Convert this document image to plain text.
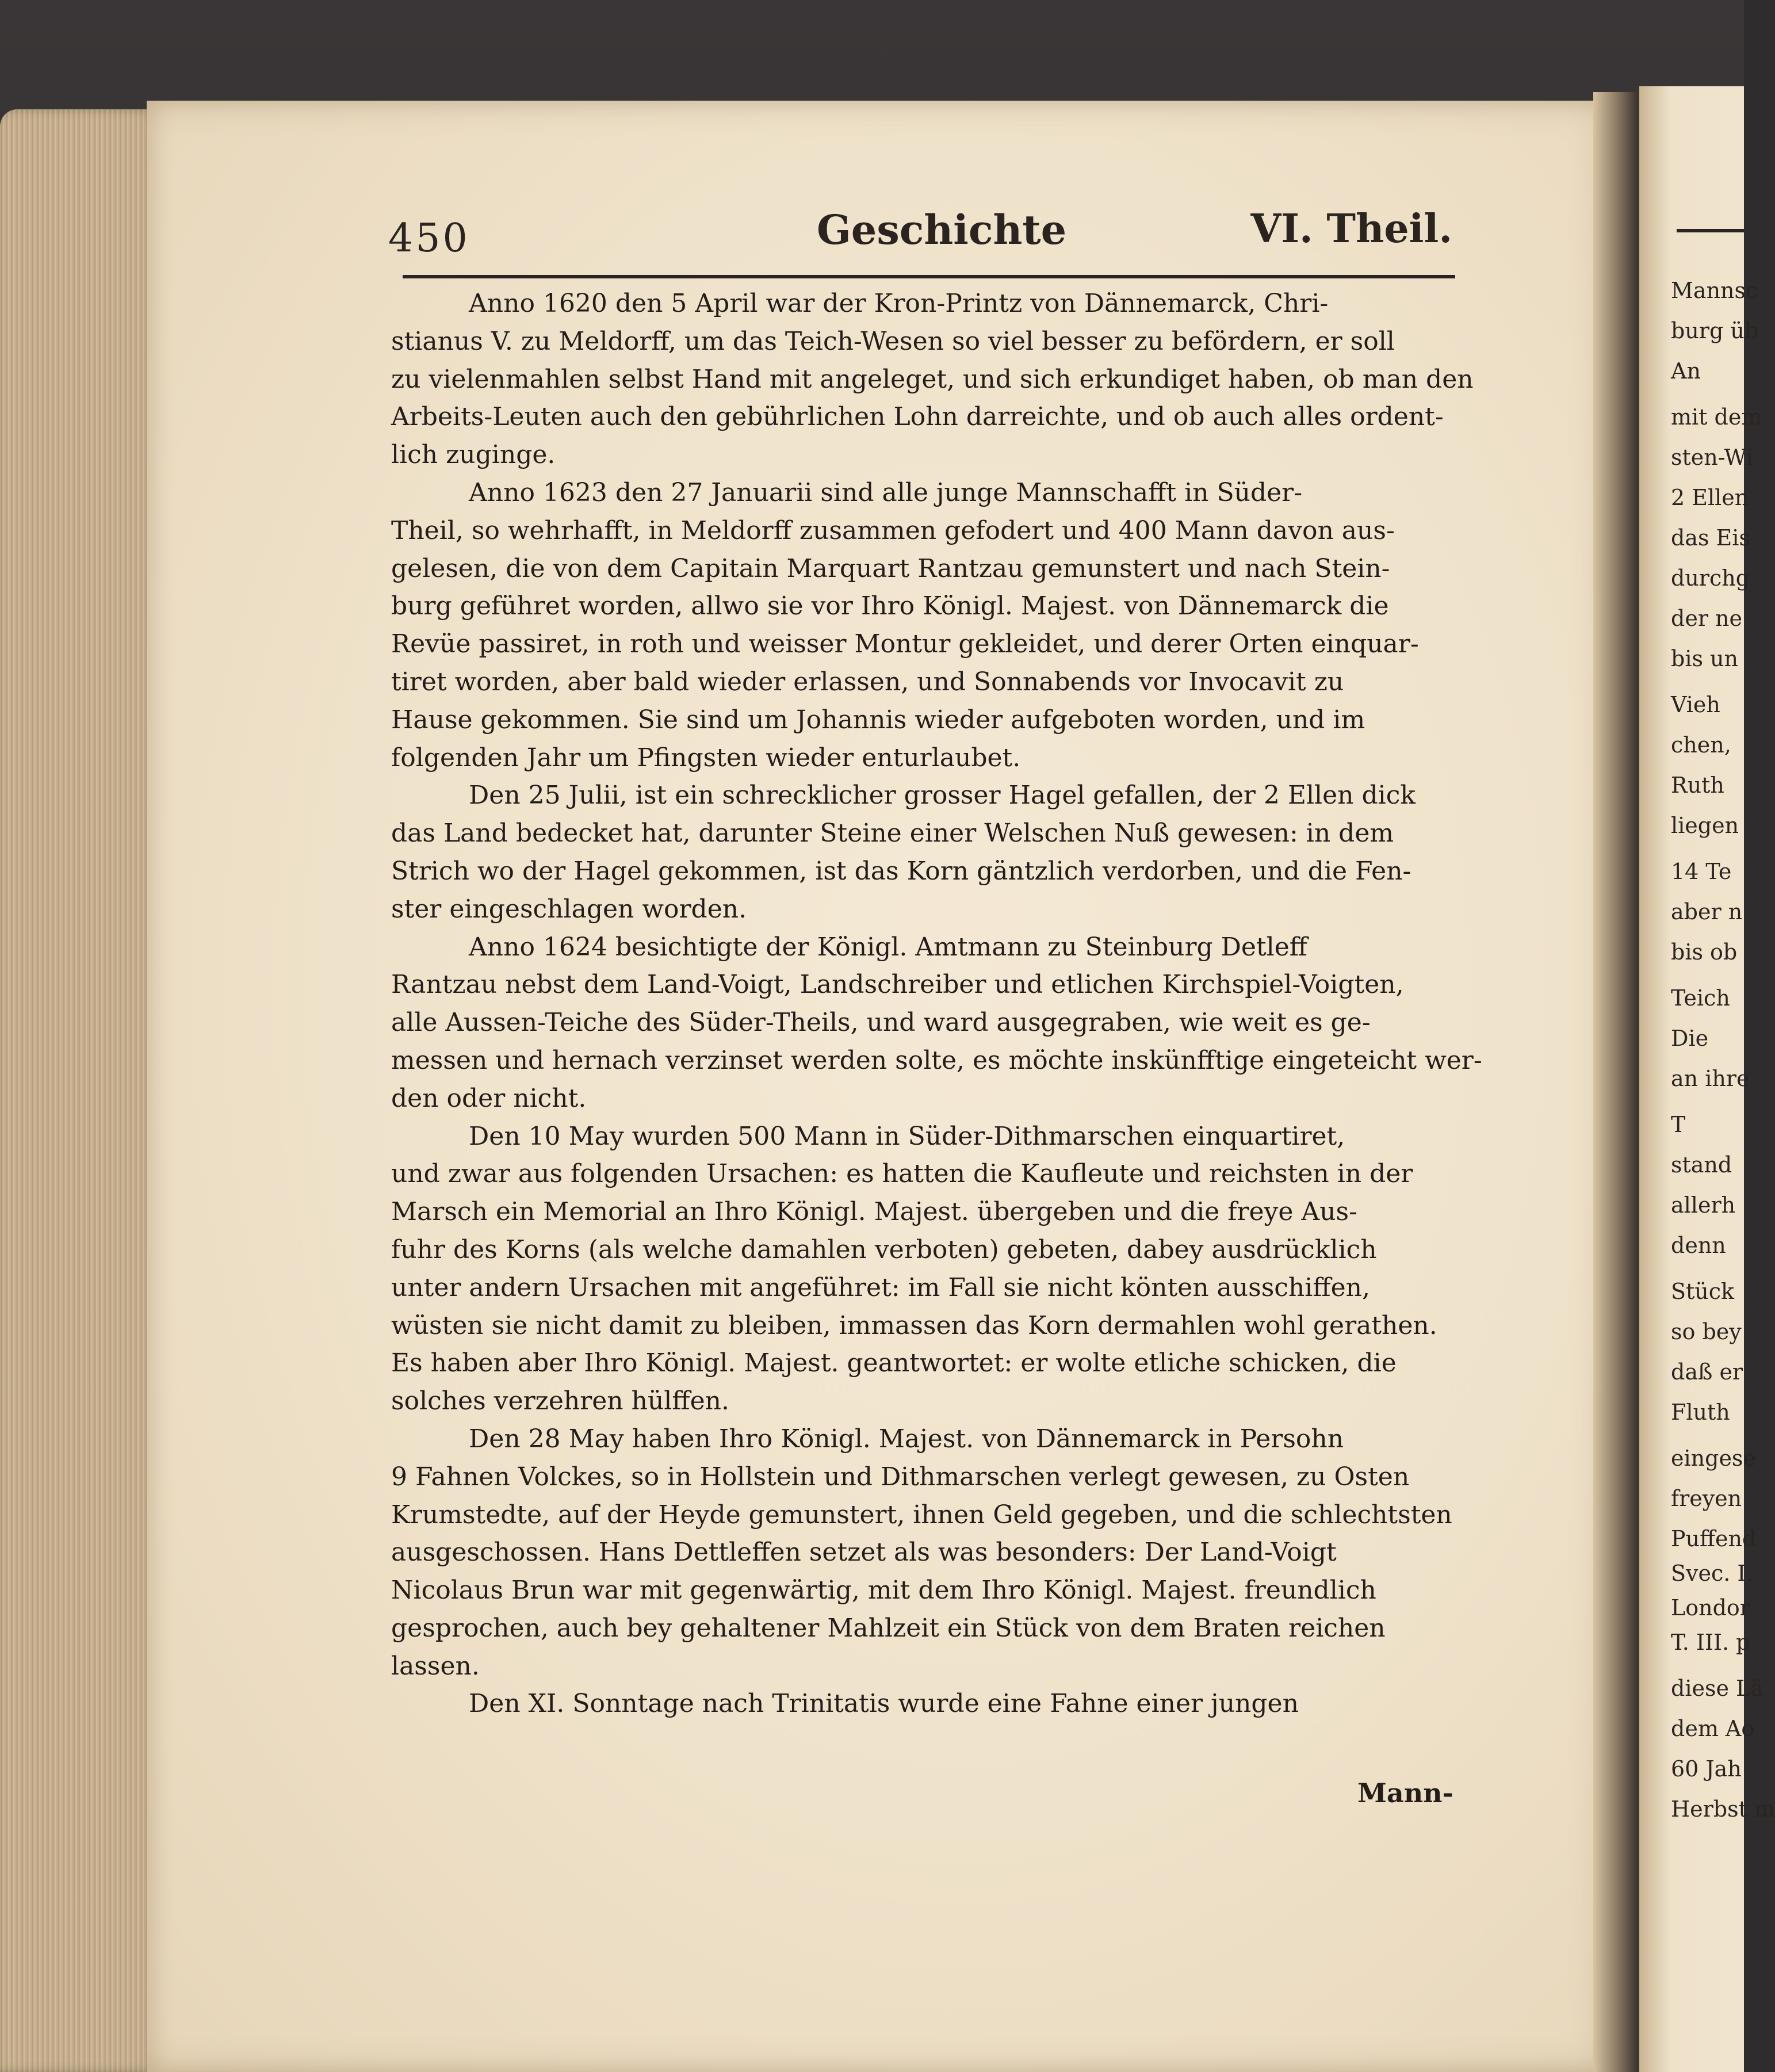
Mannsc
burg üb
An
mit dem
sten-Wi
2 Ellen
das Eis
durchg
der ne
bis un
Vieh
chen,
Ruth
liegen
14 Te
aber n
bis ob
Teich
Die
an ihre
T
stand
allerh
denn
Stück
so bey
daß er
Fluth
eingese
freyen
Puffend
Svec. I.
Londor
T. III. p
diese Lä
dem Ao
60 Jah
Herbst m
450	Geschichte	VI. Theil.
Anno 1620 den 5 April war der Kron-Printz von Dännemarck, Chri-
stianus V. zu Meldorff, um das Teich-Wesen so viel besser zu befördern, er soll
zu vielenmahlen selbst Hand mit angeleget, und sich erkundiget haben, ob man den
Arbeits-Leuten auch den gebührlichen Lohn darreichte, und ob auch alles ordent-
lich zuginge.
Anno 1623 den 27 Januarii sind alle junge Mannschafft in Süder-
Theil, so wehrhafft, in Meldorff zusammen gefodert und 400 Mann davon aus-
gelesen, die von dem Capitain Marquart Rantzau gemunstert und nach Stein-
burg geführet worden, allwo sie vor Ihro Königl. Majest. von Dännemarck die
Revüe passiret, in roth und weisser Montur gekleidet, und derer Orten einquar-
tiret worden, aber bald wieder erlassen, und Sonnabends vor Invocavit zu
Hause gekommen. Sie sind um Johannis wieder aufgeboten worden, und im
folgenden Jahr um Pfingsten wieder enturlaubet.
Den 25 Julii, ist ein schrecklicher grosser Hagel gefallen, der 2 Ellen dick
das Land bedecket hat, darunter Steine einer Welschen Nuß gewesen: in dem
Strich wo der Hagel gekommen, ist das Korn gäntzlich verdorben, und die Fen-
ster eingeschlagen worden.
Anno 1624 besichtigte der Königl. Amtmann zu Steinburg Detleff
Rantzau nebst dem Land-Voigt, Landschreiber und etlichen Kirchspiel-Voigten,
alle Aussen-Teiche des Süder-Theils, und ward ausgegraben, wie weit es ge-
messen und hernach verzinset werden solte, es möchte inskünfftige eingeteicht wer-
den oder nicht.
Den 10 May wurden 500 Mann in Süder-Dithmarschen einquartiret,
und zwar aus folgenden Ursachen: es hatten die Kaufleute und reichsten in der
Marsch ein Memorial an Ihro Königl. Majest. übergeben und die freye Aus-
fuhr des Korns (als welche damahlen verboten) gebeten, dabey ausdrücklich
unter andern Ursachen mit angeführet: im Fall sie nicht könten ausschiffen,
wüsten sie nicht damit zu bleiben, immassen das Korn dermahlen wohl gerathen.
Es haben aber Ihro Königl. Majest. geantwortet: er wolte etliche schicken, die
solches verzehren hülffen.
Den 28 May haben Ihro Königl. Majest. von Dännemarck in Persohn
9 Fahnen Volckes, so in Hollstein und Dithmarschen verlegt gewesen, zu Osten
Krumstedte, auf der Heyde gemunstert, ihnen Geld gegeben, und die schlechtsten
ausgeschossen. Hans Dettleffen setzet als was besonders: Der Land-Voigt
Nicolaus Brun war mit gegenwärtig, mit dem Ihro Königl. Majest. freundlich
gesprochen, auch bey gehaltener Mahlzeit ein Stück von dem Braten reichen
lassen.
Den XI. Sonntage nach Trinitatis wurde eine Fahne einer jungen
Mann-
